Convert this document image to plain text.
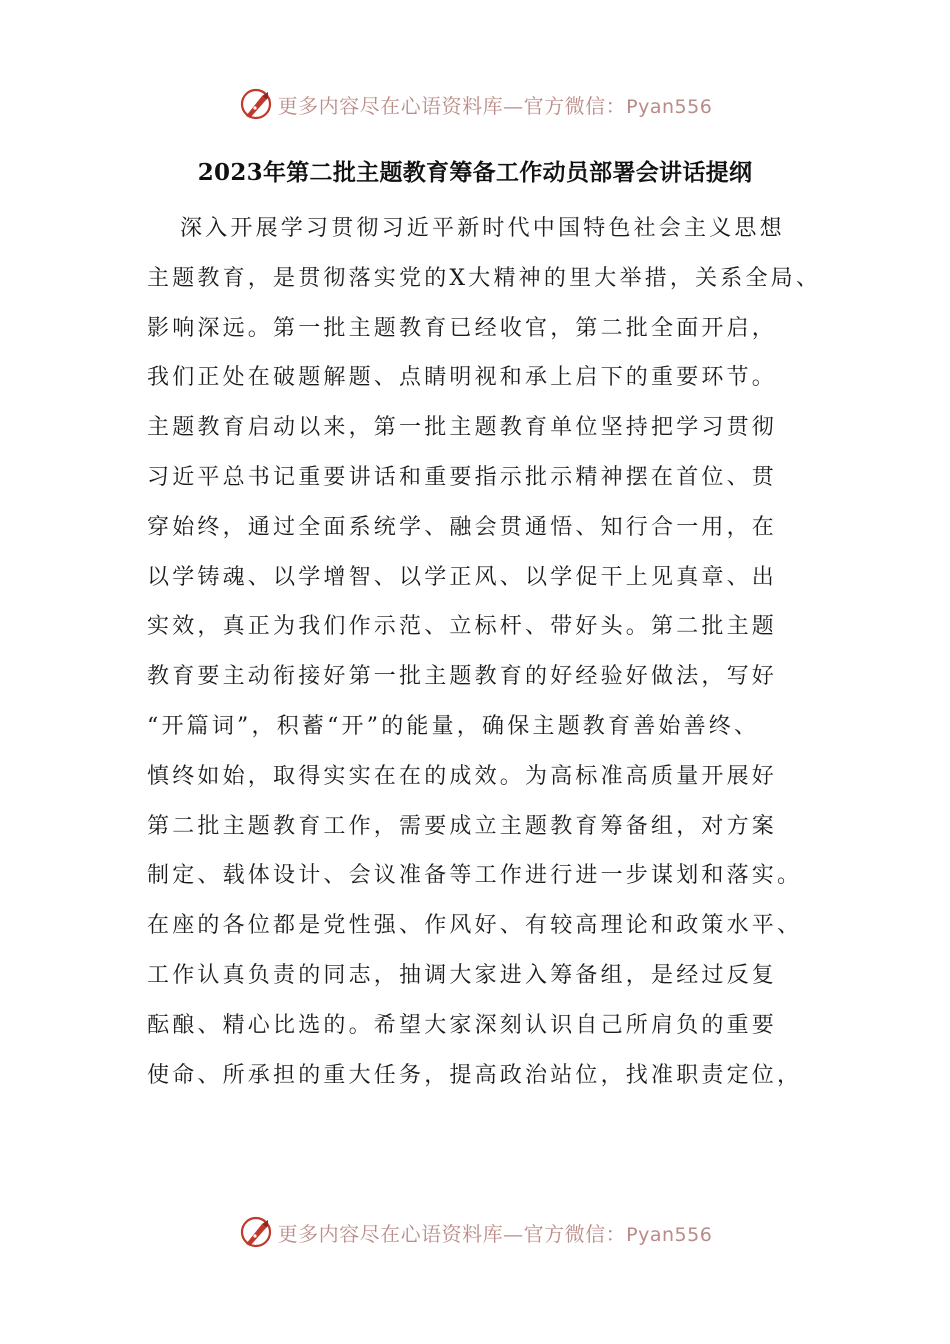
更多内容尽在心语资料库—官方微信：Pyan556
2023年第二批主题教育筹备工作动员部署会讲话提纲
深入开展学习贯彻习近平新时代中国特色社会主义思想
主题教育，是贯彻落实党的X大精神的里大举措，关系全局、
影响深远。第一批主题教育已经收官，第二批全面开启，
我们正处在破题解题、点睛明视和承上启下的重要环节。
主题教育启动以来，第一批主题教育单位坚持把学习贯彻
习近平总书记重要讲话和重要指示批示精神摆在首位、贯
穿始终，通过全面系统学、融会贯通悟、知行合一用，在
以学铸魂、以学增智、以学正风、以学促干上见真章、出
实效，真正为我们作示范、立标杆、带好头。第二批主题
教育要主动衔接好第一批主题教育的好经验好做法，写好
“开篇词”，积蓄“开”的能量，确保主题教育善始善终、
慎终如始，取得实实在在的成效。为高标准高质量开展好
第二批主题教育工作，需要成立主题教育筹备组，对方案
制定、载体设计、会议准备等工作进行进一步谋划和落实。
在座的各位都是党性强、作风好、有较高理论和政策水平、
工作认真负责的同志，抽调大家进入筹备组，是经过反复
酝酿、精心比选的。希望大家深刻认识自己所肩负的重要
使命、所承担的重大任务，提高政治站位，找准职责定位，
更多内容尽在心语资料库—官方微信：Pyan556
